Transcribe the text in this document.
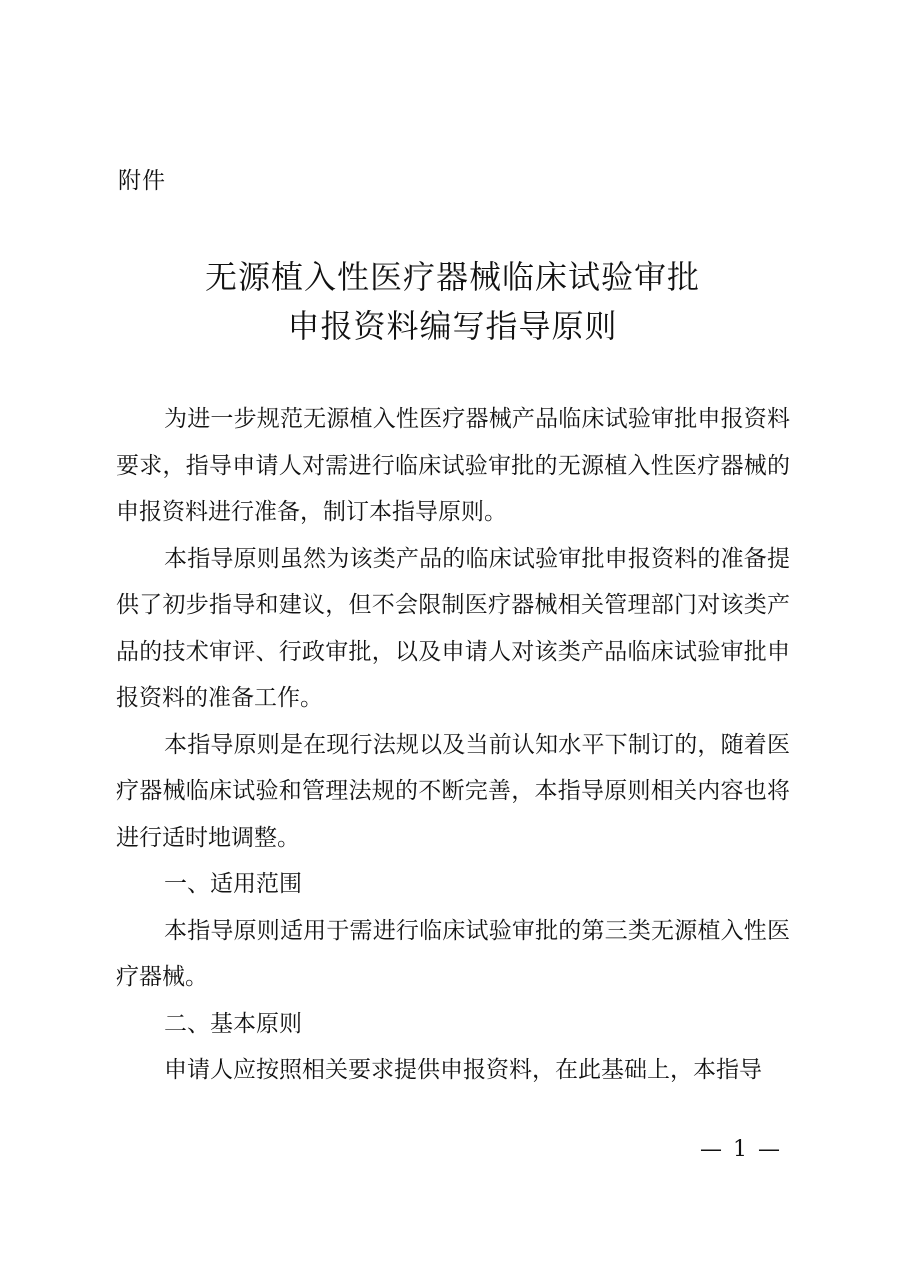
附件
无源植入性医疗器械临床试验审批
申报资料编写指导原则

为进一步规范无源植入性医疗器械产品临床试验审批申报资料要求，指导申请人对需进行临床试验审批的无源植入性医疗器械的申报资料进行准备，制订本指导原则。

本指导原则虽然为该类产品的临床试验审批申报资料的准备提供了初步指导和建议，但不会限制医疗器械相关管理部门对该类产品的技术审评、行政审批，以及申请人对该类产品临床试验审批申报资料的准备工作。

本指导原则是在现行法规以及当前认知水平下制订的，随着医疗器械临床试验和管理法规的不断完善，本指导原则相关内容也将进行适时地调整。

一、适用范围

本指导原则适用于需进行临床试验审批的第三类无源植入性医疗器械。

二、基本原则

申请人应按照相关要求提供申报资料，在此基础上，本指导

— 1 —
